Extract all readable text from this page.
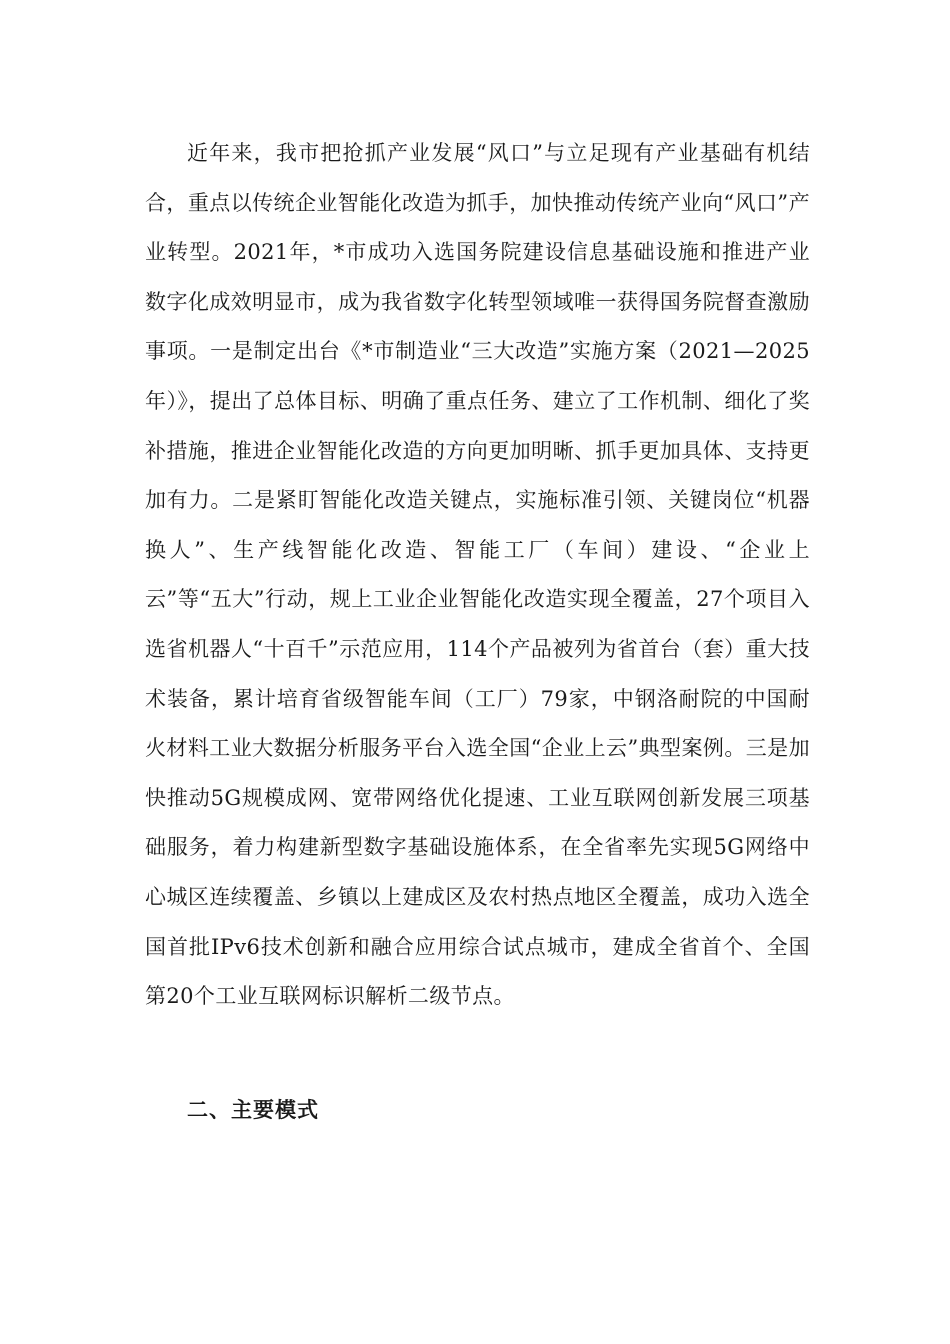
近年来，我市把抢抓产业发展“风口”与立足现有产业基础有机结合，重点以传统企业智能化改造为抓手，加快推动传统产业向“风口”产业转型。2021年，*市成功入选国务院建设信息基础设施和推进产业数字化成效明显市，成为我省数字化转型领域唯一获得国务院督查激励事项。一是制定出台《*市制造业“三大改造”实施方案（2021—2025年）》，提出了总体目标、明确了重点任务、建立了工作机制、细化了奖补措施，推进企业智能化改造的方向更加明晰、抓手更加具体、支持更加有力。二是紧盯智能化改造关键点，实施标准引领、关键岗位“机器换人”、生产线智能化改造、智能工厂（车间）建设、“企业上云”等“五大”行动，规上工业企业智能化改造实现全覆盖，27个项目入选省机器人“十百千”示范应用，114个产品被列为省首台（套）重大技术装备，累计培育省级智能车间（工厂）79家，中钢洛耐院的中国耐火材料工业大数据分析服务平台入选全国“企业上云”典型案例。三是加快推动5G规模成网、宽带网络优化提速、工业互联网创新发展三项基础服务，着力构建新型数字基础设施体系，在全省率先实现5G网络中心城区连续覆盖、乡镇以上建成区及农村热点地区全覆盖，成功入选全国首批IPv6技术创新和融合应用综合试点城市，建成全省首个、全国第20个工业互联网标识解析二级节点。

二、主要模式
